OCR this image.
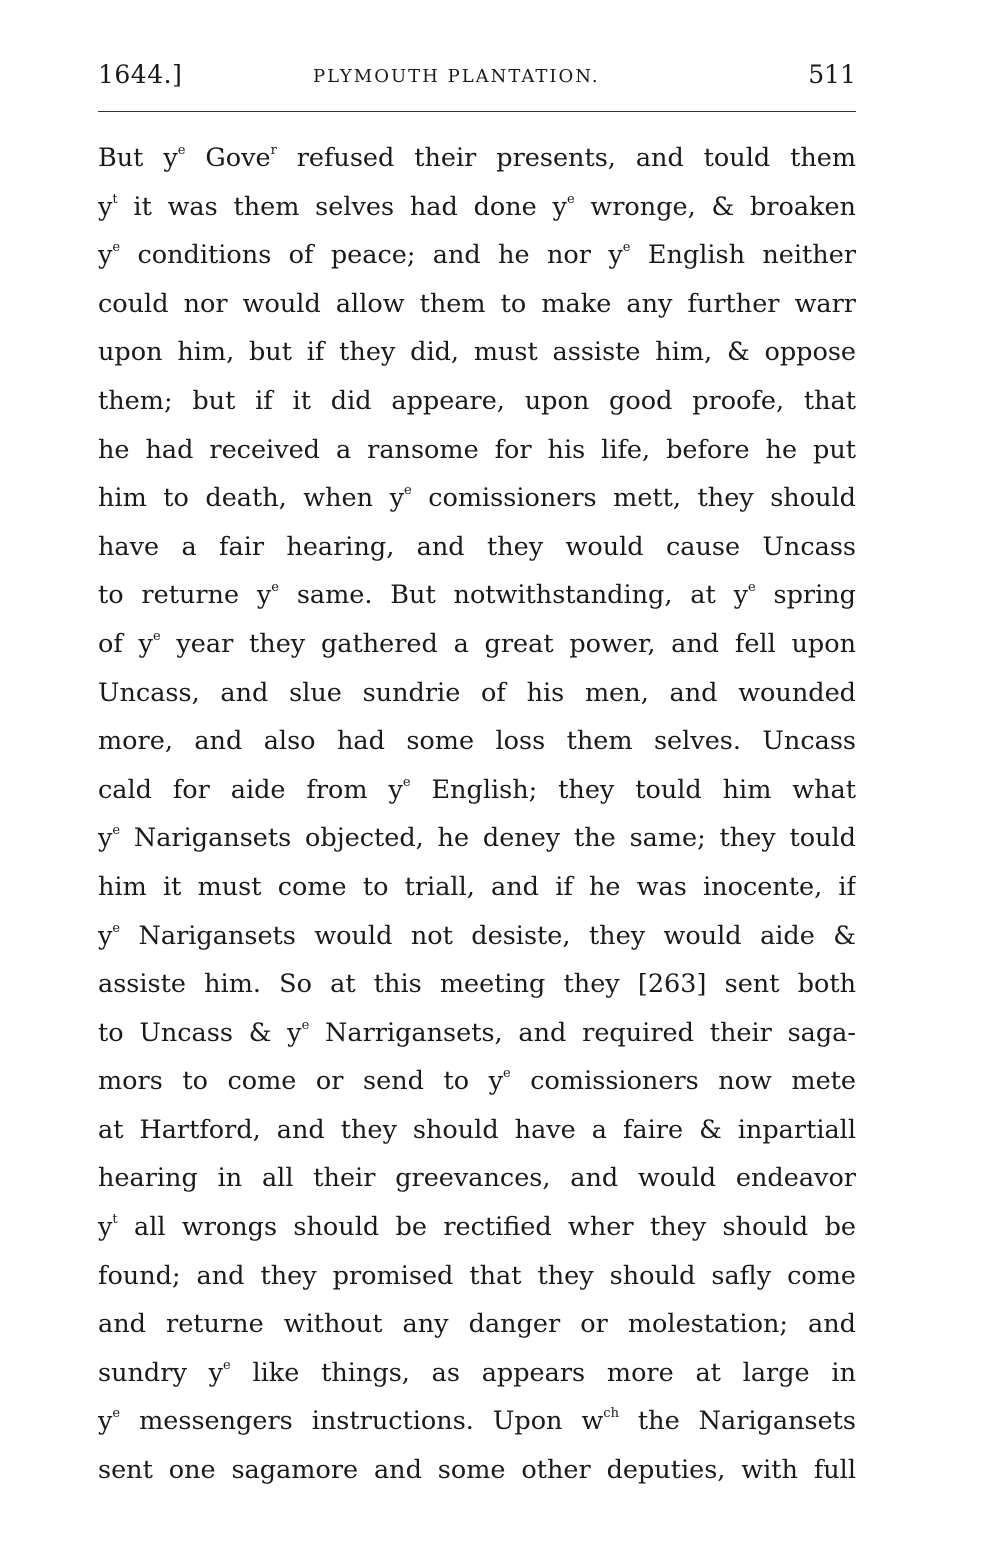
1644.]	PLYMOUTH PLANTATION.	511
But $y^e$ Gove$^r$ refused their presents, and tould them
$y^t$ it was them selves had done $y^e$ wronge, & broaken
$y^e$ conditions of peace; and he nor $y^e$ English neither
could nor would allow them to make any further warr
upon him, but if they did, must assiste him, & oppose
them; but if it did appeare, upon good proofe, that
he had received a ransome for his life, before he put
him to death, when $y^e$ comissioners mett, they should
have a fair hearing, and they would cause Uncass
to returne $y^e$ same. But notwithstanding, at $y^e$ spring
of $y^e$ year they gathered a great power, and fell upon
Uncass, and slue sundrie of his men, and wounded
more, and also had some loss them selves. Uncass
cald for aide from $y^e$ English; they tould him what
$y^e$ Narigansets objected, he deney the same; they tould
him it must come to triall, and if he was inocente, if
$y^e$ Narigansets would not desiste, they would aide &
assiste him. So at this meeting they [263] sent both
to Uncass & $y^e$ Narrigansets, and required their saga-
mors to come or send to $y^e$ comissioners now mete
at Hartford, and they should have a faire & inpartiall
hearing in all their greevances, and would endeavor
$y^t$ all wrongs should be rectified wher they should be
found; and they promised that they should safly come
and returne without any danger or molestation; and
sundry $y^e$ like things, as appears more at large in
$y^e$ messengers instructions. Upon $w^{ch}$ the Narigansets
sent one sagamore and some other deputies, with full
